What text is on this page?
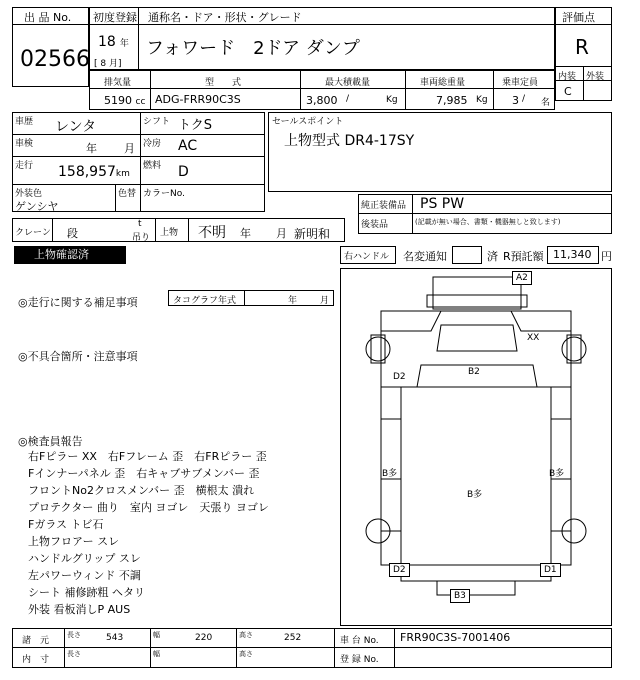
出 品 No.
02566
初度登録 通称名・ドア・形状・グレード
18 年
[ 8 月]
フォワード　2ドア ダンプ
評価点
R
内装 外装
C
排気量	型　　式	最大積載量	車両総重量	乗車定員
5190 cc ADG-FRR90C3S	3,800 /	Kg	7,985 Kg 3 / 名
車歴 レンタ	シフト トクS
車検	年 月 冷房 AC
走行 158,957km
燃料 D
外装色
ゲンシヤ
色替 カラーNo.
クレーン 段
t
吊り 上物 不明 年 月 新明和
セールスポイント
上物型式 DR4-17SY
純正装備品 PS PW
後装品	(記載が無い場合、書類・機器無しと致します)
上物確認済	右ハンドル 名変通知	済 R預託額 11,340 円
◎走行に関する補足事項	タコグラフ年式	年	月
◎不具合箇所・注意事項
◎検査員報告
右Fピラー XX　右Fフレーム 歪　右FRピラー 歪
Fインナーパネル 歪　右キャブサブメンバー 歪
フロントNo2クロスメンバー 歪　横根太 潰れ
プロテクター 曲り　室内 ヨゴレ　天張り ヨゴレ
Fガラス トビ石
上物フロアー スレ
ハンドルグリップ スレ
左パワーウィンド 不調
シート 補修跡粗 ヘタリ
外装 看板消しP AUS
A2
XX
B2
D2
B多
B多
B多
D2	D1
B3
諸　元
長さ	543	幅	220	高さ	252	車 台 No. FRR90C3S-7001406
内　寸
長さ	幅	高さ
登 録 No.
